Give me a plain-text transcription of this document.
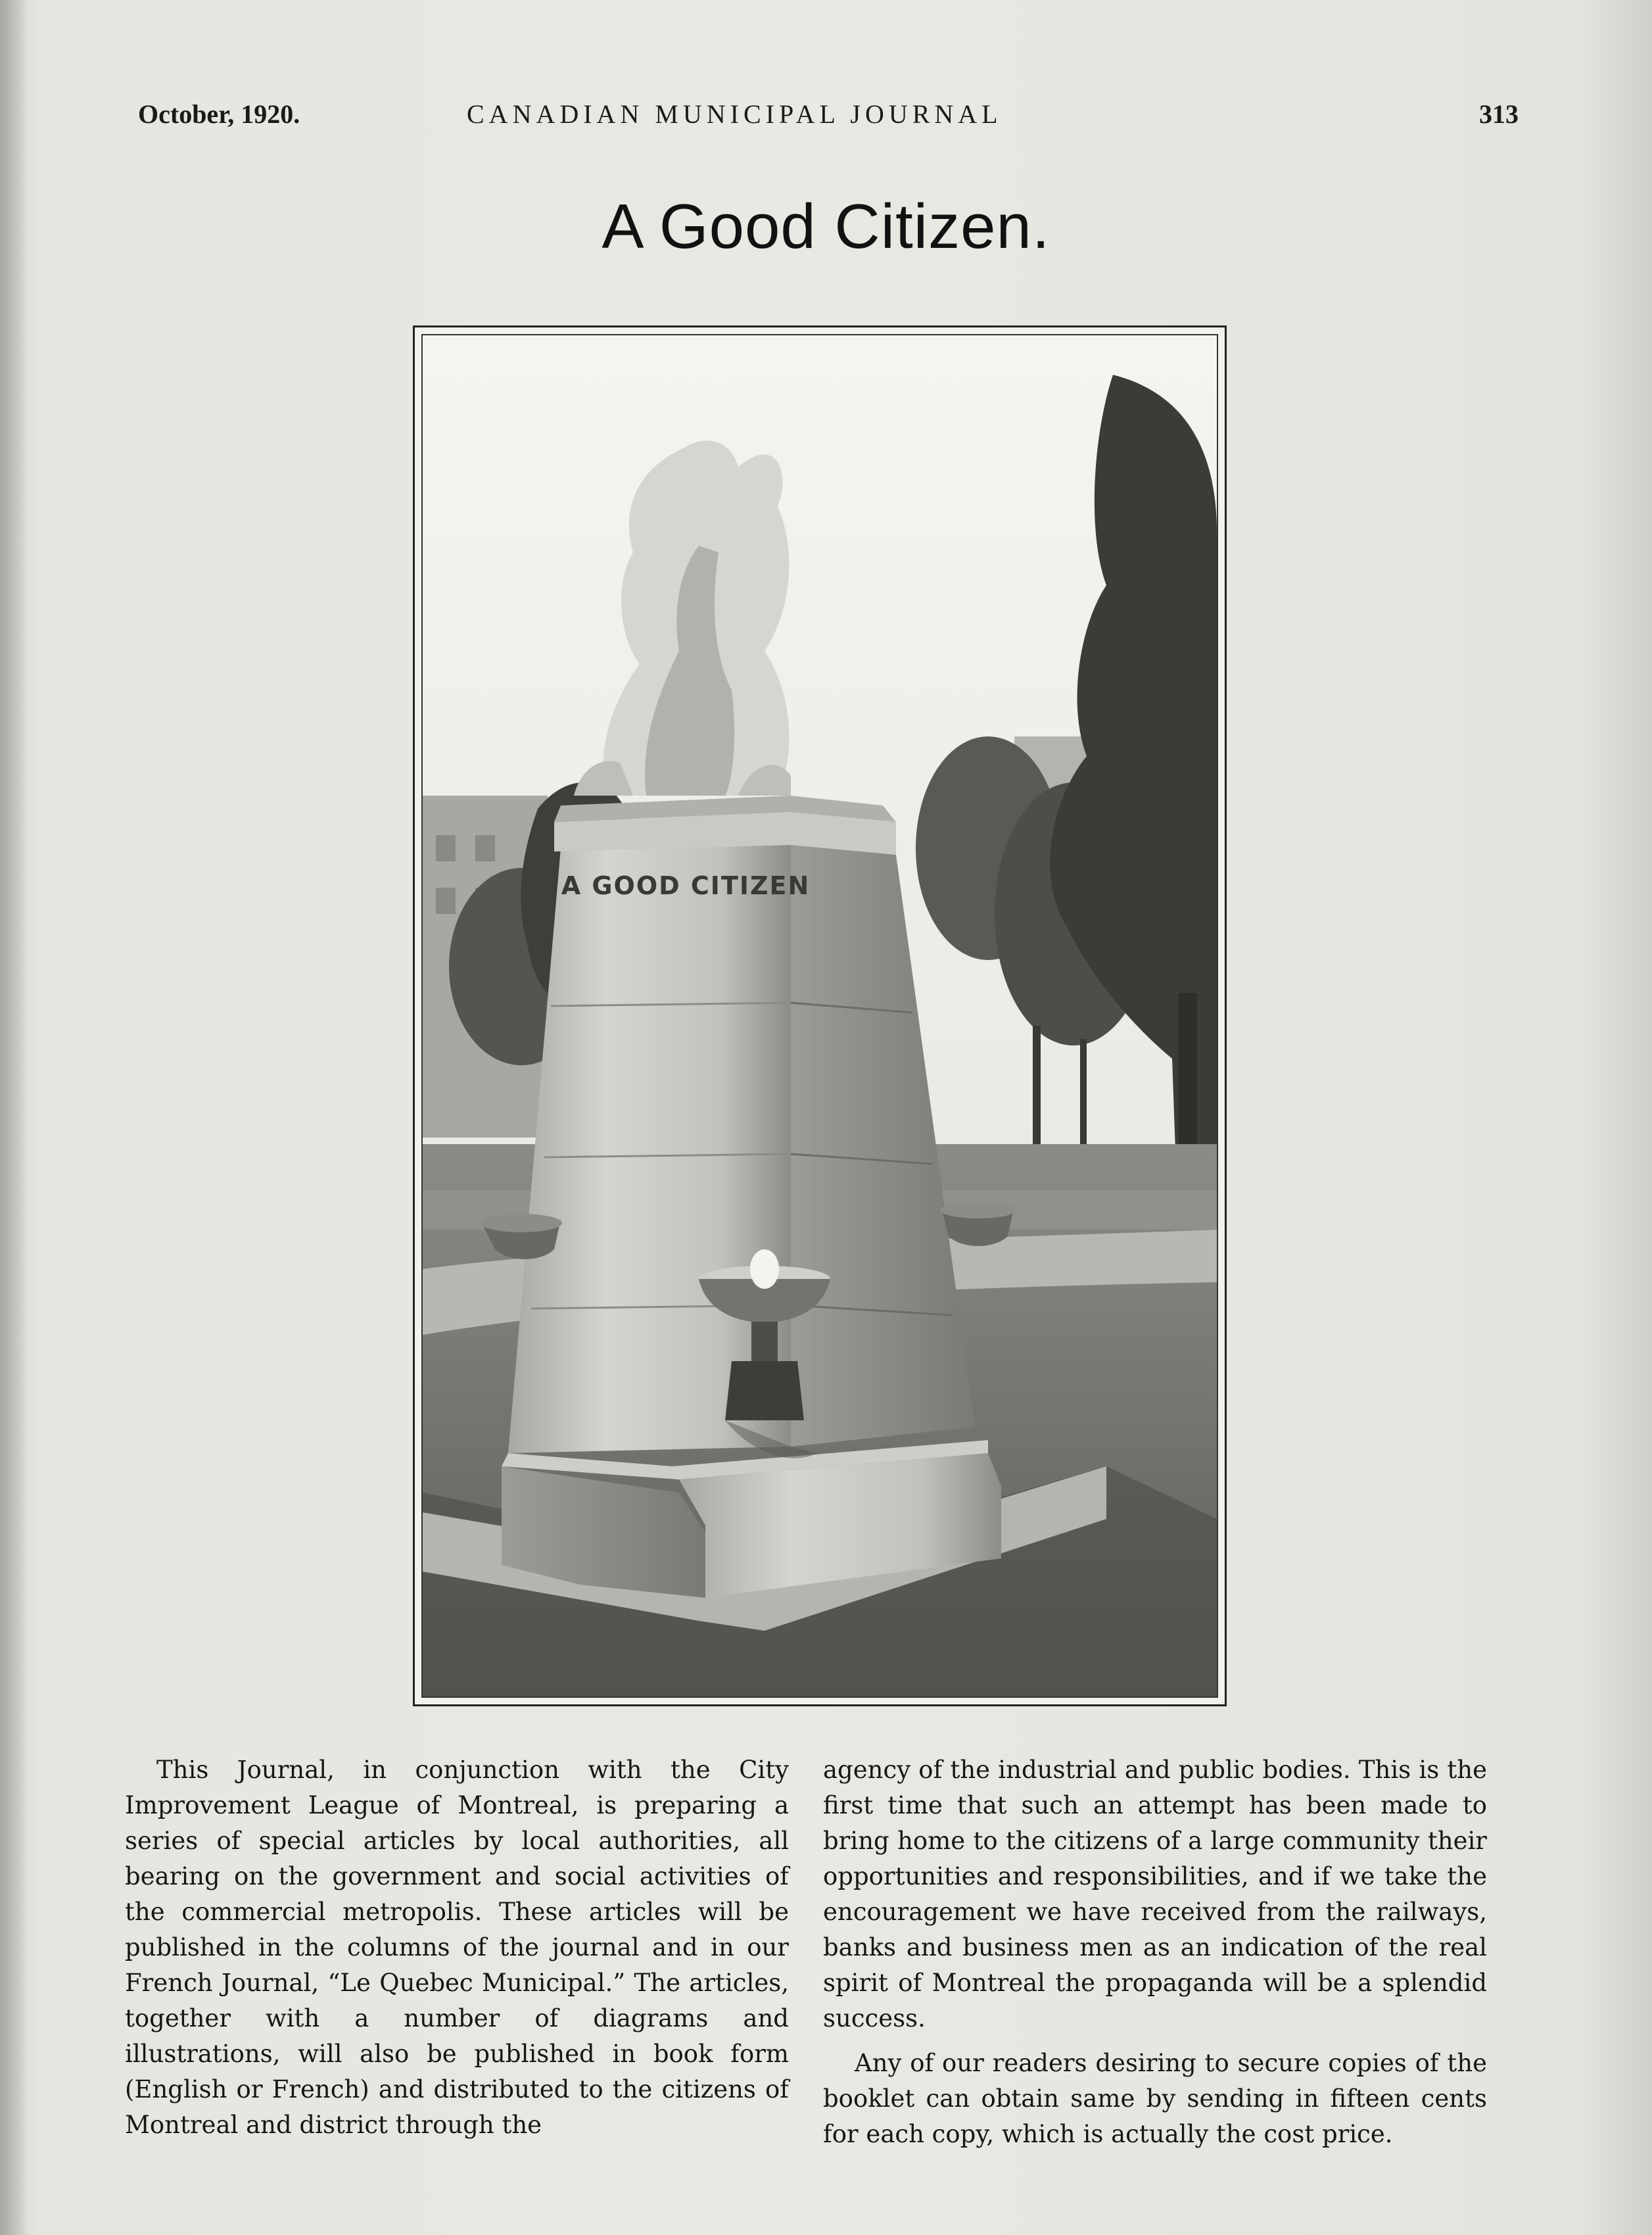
October, 1920.	CANADIAN MUNICIPAL JOURNAL	313
A Good Citizen.
A GOOD CITIZEN

This Journal, in conjunction with the City Improvement League of Montreal, is preparing a series of special articles by local authorities, all bearing on the government and social activities of the commercial metropolis. These articles will be published in the columns of the journal and in our French Journal, “Le Quebec Municipal.” The articles, together with a number of diagrams and illustrations, will also be published in book form (English or French) and distributed to the citizens of Montreal and district through the

agency of the industrial and public bodies. This is the first time that such an attempt has been made to bring home to the citizens of a large community their opportunities and responsibilities, and if we take the encouragement we have received from the railways, banks and business men as an indication of the real spirit of Montreal the propaganda will be a splendid success.

Any of our readers desiring to secure copies of the booklet can obtain same by sending in fifteen cents for each copy, which is actually the cost price.
